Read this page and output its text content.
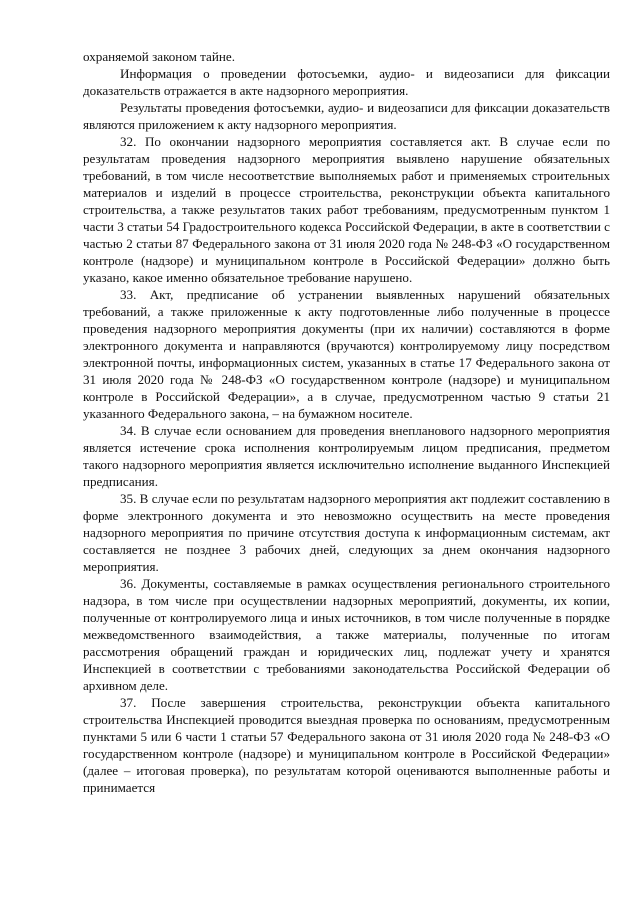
охраняемой законом тайне.

Информация о проведении фотосъемки, аудио- и видеозаписи для фиксации доказательств отражается в акте надзорного мероприятия.

Результаты проведения фотосъемки, аудио- и видеозаписи для фиксации доказательств являются приложением к акту надзорного мероприятия.

32. По окончании надзорного мероприятия составляется акт. В случае если по результатам проведения надзорного мероприятия выявлено нарушение обязательных требований, в том числе несоответствие выполняемых работ и применяемых строительных материалов и изделий в процессе строительства, реконструкции объекта капитального строительства, а также результатов таких работ требованиям, предусмотренным пунктом 1 части 3 статьи 54 Градостроительного кодекса Российской Федерации, в акте в соответствии с частью 2 статьи 87 Федерального закона от 31 июля 2020 года № 248-ФЗ «О государственном контроле (надзоре) и муниципальном контроле в Российской Федерации» должно быть указано, какое именно обязательное требование нарушено.

33. Акт, предписание об устранении выявленных нарушений обязательных требований, а также приложенные к акту подготовленные либо полученные в процессе проведения надзорного мероприятия документы (при их наличии) составляются в форме электронного документа и направляются (вручаются) контролируемому лицу посредством электронной почты, информационных систем, указанных в статье 17 Федерального закона от 31 июля 2020 года № 248-ФЗ «О государственном контроле (надзоре) и муниципальном контроле в Российской Федерации», а в случае, предусмотренном частью 9 статьи 21 указанного Федерального закона, – на бумажном носителе.

34. В случае если основанием для проведения внепланового надзорного мероприятия является истечение срока исполнения контролируемым лицом предписания, предметом такого надзорного мероприятия является исключительно исполнение выданного Инспекцией предписания.

35. В случае если по результатам надзорного мероприятия акт подлежит составлению в форме электронного документа и это невозможно осуществить на месте проведения надзорного мероприятия по причине отсутствия доступа к информационным системам, акт составляется не позднее 3 рабочих дней, следующих за днем окончания надзорного мероприятия.

36. Документы, составляемые в рамках осуществления регионального строительного надзора, в том числе при осуществлении надзорных мероприятий, документы, их копии, полученные от контролируемого лица и иных источников, в том числе полученные в порядке межведомственного взаимодействия, а также материалы, полученные по итогам рассмотрения обращений граждан и юридических лиц, подлежат учету и хранятся Инспекцией в соответствии с требованиями законодательства Российской Федерации об архивном деле.

37. После завершения строительства, реконструкции объекта капитального строительства Инспекцией проводится выездная проверка по основаниям, предусмотренным пунктами 5 или 6 части 1 статьи 57 Федерального закона от 31 июля 2020 года № 248-ФЗ «О государственном контроле (надзоре) и муниципальном контроле в Российской Федерации» (далее – итоговая проверка), по результатам которой оцениваются выполненные работы и принимается
